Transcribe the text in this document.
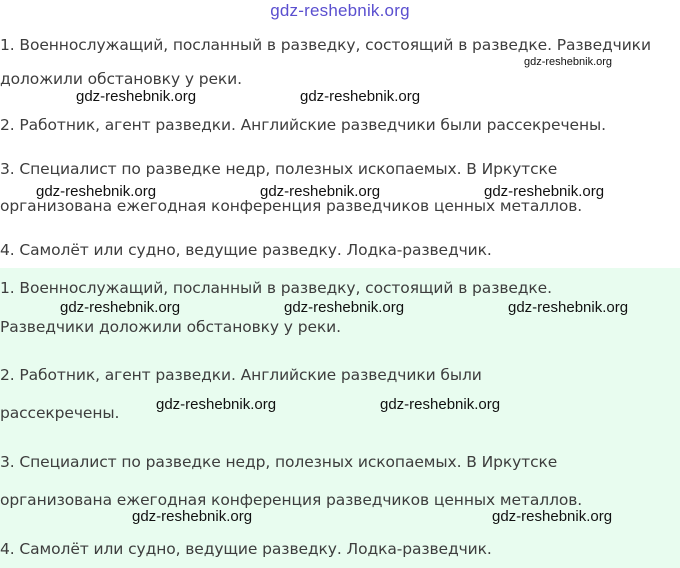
gdz-reshebnik.org

1. Военнослужащий, посланный в разведку, состоящий в разведке. Разведчики

доложили обстановку у реки.

2. Работник, агент разведки. Английские разведчики были рассекречены.

3. Специалист по разведке недр, полезных ископаемых. В Иркутске

организована ежегодная конференция разведчиков ценных металлов.

4. Самолёт или судно, ведущие разведку. Лодка-разведчик.

1. Военнослужащий, посланный в разведку, состоящий в разведке.

Разведчики доложили обстановку у реки.

2. Работник, агент разведки. Английские разведчики были

рассекречены.

3. Специалист по разведке недр, полезных ископаемых. В Иркутске

организована ежегодная конференция разведчиков ценных металлов.

4. Самолёт или судно, ведущие разведку. Лодка-разведчик.

gdz-reshebnik.org
gdz-reshebnik.org	gdz-reshebnik.org
gdz-reshebnik.org	gdz-reshebnik.org	gdz-reshebnik.org
gdz-reshebnik.org	gdz-reshebnik.org	gdz-reshebnik.org
gdz-reshebnik.org	gdz-reshebnik.org
gdz-reshebnik.org	gdz-reshebnik.org
